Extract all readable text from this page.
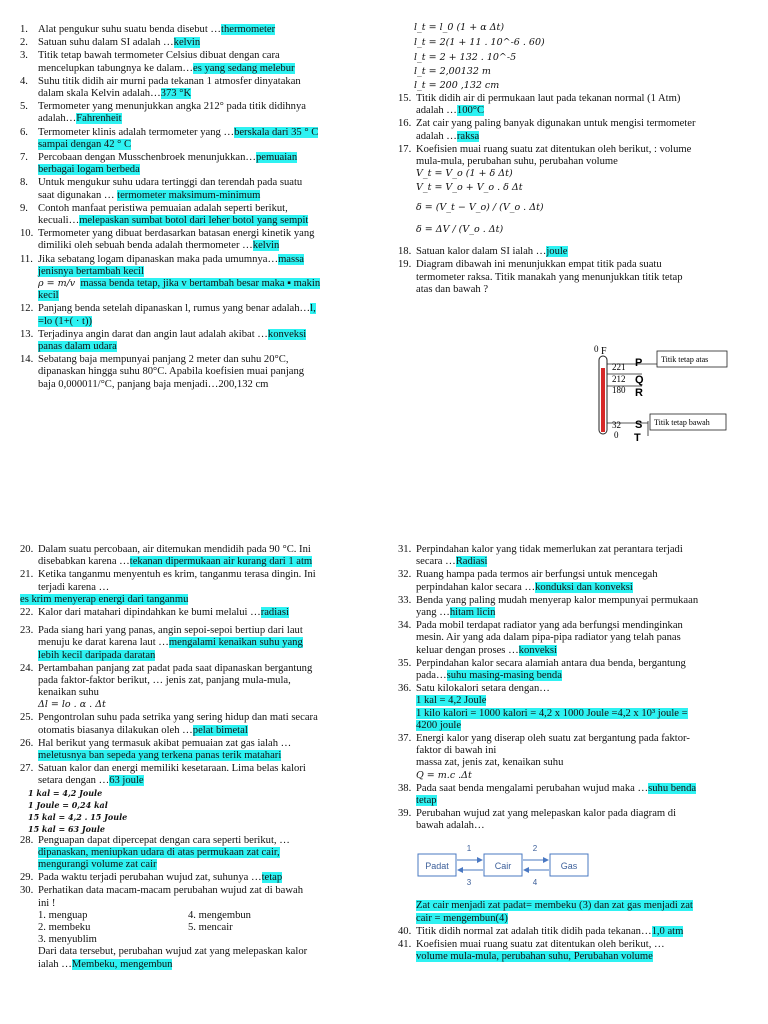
1. Alat pengukur suhu suatu benda disebut …thermometer
2. Satuan suhu dalam SI adalah …kelvin
3. Titik tetap bawah termometer Celsius dibuat dengan cara
mencelupkan tabungnya ke dalam…es yang sedang melebur
4. Suhu titik didih air murni pada tekanan 1 atmosfer dinyatakan
dalam skala Kelvin adalah…373 °K
5. Termometer yang menunjukkan angka 212° pada titik didihnya
adalah…Fahrenheit
6. Termometer klinis adalah termometer yang …berskala dari 35 ° C
sampai dengan 42 ° C
7. Percobaan dengan Musschenbroek menunjukkan…pemuaian
berbagai logam berbeda
8. Untuk mengukur suhu udara tertinggi dan terendah pada suatu
saat digunakan … termometer maksimum-minimum
9. Contoh manfaat peristiwa pemuaian adalah seperti berikut,
kecuali…melepaskan sumbat botol dari leher botol yang sempit
10. Termometer yang dibuat berdasarkan batasan energi kinetik yang
dimiliki oleh sebuah benda adalah thermometer …kelvin
11. Jika sebatang logam dipanaskan maka pada umumnya…massa
jenisnya bertambah kecil
ρ = m/v massa benda tetap, jika v bertambah besar maka ▪ makin
kecil
12. Panjang benda setelah dipanaskan l, rumus yang benar adalah…l,
=lo (1+( · t))
13. Terjadinya angin darat dan angin laut adalah akibat …konveksi
panas dalam udara
14. Sebatang baja mempunyai panjang 2 meter dan suhu 20°C,
dipanaskan hingga suhu 80°C. Apabila koefisien muai panjang
baja 0,000011/°C, panjang baja menjadi…200,132 cm
l_t = l_0 (1 + α Δt)
l_t = 2(1 + 11 . 10^-6 . 60)
l_t = 2 + 132 . 10^-5
l_t = 2,00132 m
l_t = 200 ,132 cm
15. Titik didih air di permukaan laut pada tekanan normal (1 Atm)
adalah …100°C
16. Zat cair yang paling banyak digunakan untuk mengisi termometer
adalah …raksa
17. Koefisien muai ruang suatu zat ditentukan oleh berikut, : volume
mula-mula, perubahan suhu, perubahan volume
V_t = V_o (1 + δ Δt)
V_t = V_o + V_o . δ Δt
δ = (V_t − V_o) / (V_o . Δt)
δ = ΔV / (V_o . Δt)
18. Satuan kalor dalam SI ialah …joule
19. Diagram dibawah ini menunjukkan empat titik pada suatu
termometer raksa. Titik manakah yang menunjukkan titik tetap
atas dan bawah ?
0 F
221 P
212 Q
180 R
32 S
0 T
Titik tetap atas
Titik tetap bawah
20. Dalam suatu percobaan, air ditemukan mendidih pada 90 °C. Ini
disebabkan karena …tekanan dipermukaan air kurang dari 1 atm
21. Ketika tanganmu menyentuh es krim, tanganmu terasa dingin. Ini
terjadi karena …
es krim menyerap energi dari tanganmu
22. Kalor dari matahari dipindahkan ke bumi melalui …radiasi
23. Pada siang hari yang panas, angin sepoi-sepoi bertiup dari laut
menuju ke darat karena laut …mengalami kenaikan suhu yang
lebih kecil daripada daratan
24. Pertambahan panjang zat padat pada saat dipanaskan bergantung
pada faktor-faktor berikut, … jenis zat, panjang mula-mula,
kenaikan suhu
Δl = lo . α . Δt
25. Pengontrolan suhu pada setrika yang sering hidup dan mati secara
otomatis biasanya dilakukan oleh …pelat bimetal
26. Hal berikut yang termasuk akibat pemuaian zat gas ialah …
meletusnya ban sepeda yang terkena panas terik matahari
27. Satuan kalor dan energi memiliki kesetaraan. Lima belas kalori
setara dengan …63 joule
1 kal = 4,2 Joule
1 Joule = 0,24 kal
15 kal = 4,2 . 15 Joule
15 kal = 63 Joule
28. Penguapan dapat dipercepat dengan cara seperti berikut, …
dipanaskan, meniupkan udara di atas permukaan zat cair,
mengurangi volume zat cair
29. Pada waktu terjadi perubahan wujud zat, suhunya …tetap
30. Perhatikan data macam-macam perubahan wujud zat di bawah
ini !
1. menguap	4. mengembun
2. membeku	5. mencair
3. menyublim
Dari data tersebut, perubahan wujud zat yang melepaskan kalor
ialah …Membeku, mengembun
31. Perpindahan kalor yang tidak memerlukan zat perantara terjadi
secara …Radiasi
32. Ruang hampa pada termos air berfungsi untuk mencegah
perpindahan kalor secara …konduksi dan konveksi
33. Benda yang paling mudah menyerap kalor mempunyai permukaan
yang …hitam licin
34. Pada mobil terdapat radiator yang ada berfungsi mendinginkan
mesin. Air yang ada dalam pipa-pipa radiator yang telah panas
keluar dengan proses …konveksi
35. Perpindahan kalor secara alamiah antara dua benda, bergantung
pada…suhu masing-masing benda
36. Satu kilokalori setara dengan…
1 kal = 4,2 Joule
1 kilo kalori = 1000 kalori = 4,2 x 1000 Joule =4,2 x 10³ joule =
4200 joule
37. Energi kalor yang diserap oleh suatu zat bergantung pada faktor-
faktor di bawah ini
massa zat, jenis zat, kenaikan suhu
Q = m.c .Δt
38. Pada saat benda mengalami perubahan wujud maka …suhu benda
tetap
39. Perubahan wujud zat yang melepaskan kalor pada diagram di
bawah adalah…
Padat	Cair	Gas
1	2
3	4
Zat cair menjadi zat padat= membeku (3) dan zat gas menjadi zat
cair = mengembun(4)
40. Titik didih normal zat adalah titik didih pada tekanan…1,0 atm
41. Koefisien muai ruang suatu zat ditentukan oleh berikut, …
volume mula-mula, perubahan suhu, Perubahan volume
